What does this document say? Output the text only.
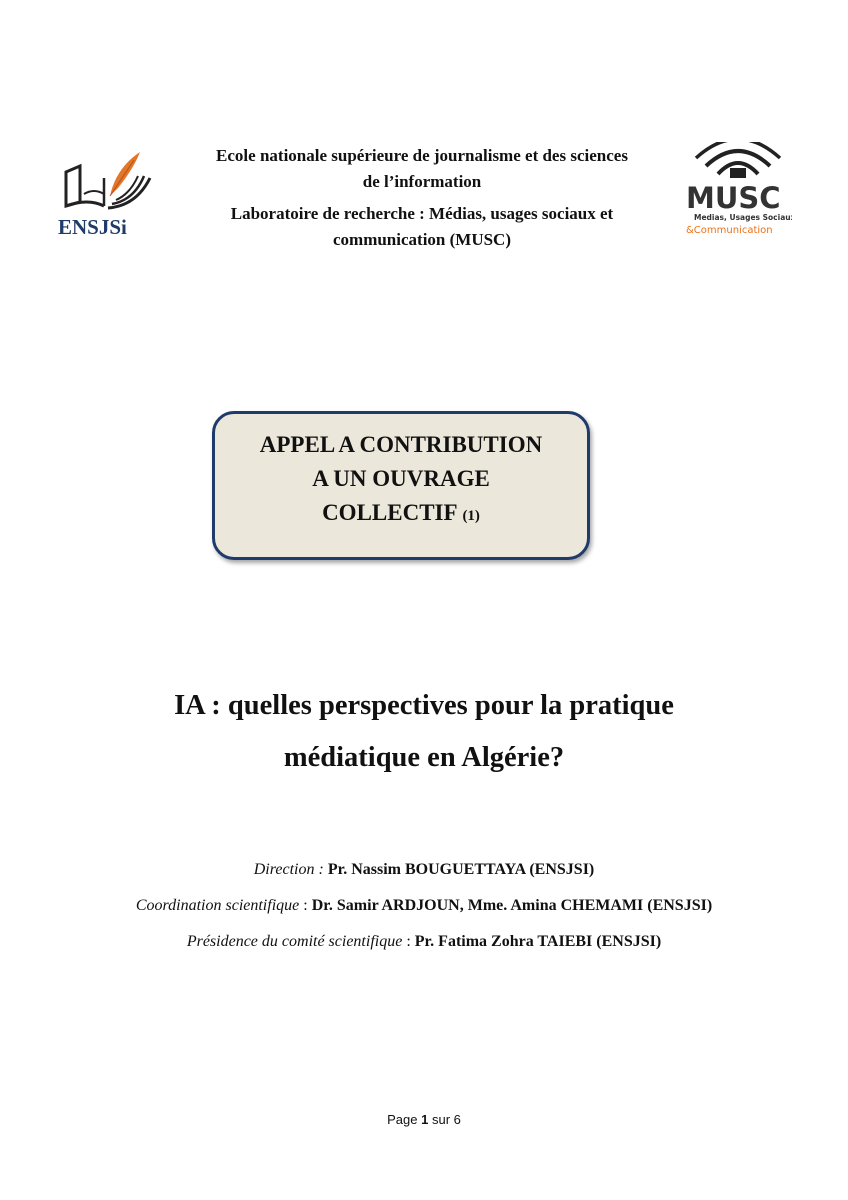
ENSJSi
MUSC
Medias, Usages Sociaux
&Communication

Ecole nationale supérieure de journalisme et des sciences

de l’information

Laboratoire de recherche : Médias, usages sociaux et

communication (MUSC)

APPEL A CONTRIBUTION
A UN OUVRAGE
COLLECTIF (1)
IA : quelles perspectives pour la pratique
médiatique en Algérie?

Direction : Pr. Nassim BOUGUETTAYA (ENSJSI)

Coordination scientifique : Dr. Samir ARDJOUN, Mme. Amina CHEMAMI (ENSJSI)

Présidence du comité scientifique : Pr. Fatima Zohra TAIEBI (ENSJSI)

Page 1 sur 6
